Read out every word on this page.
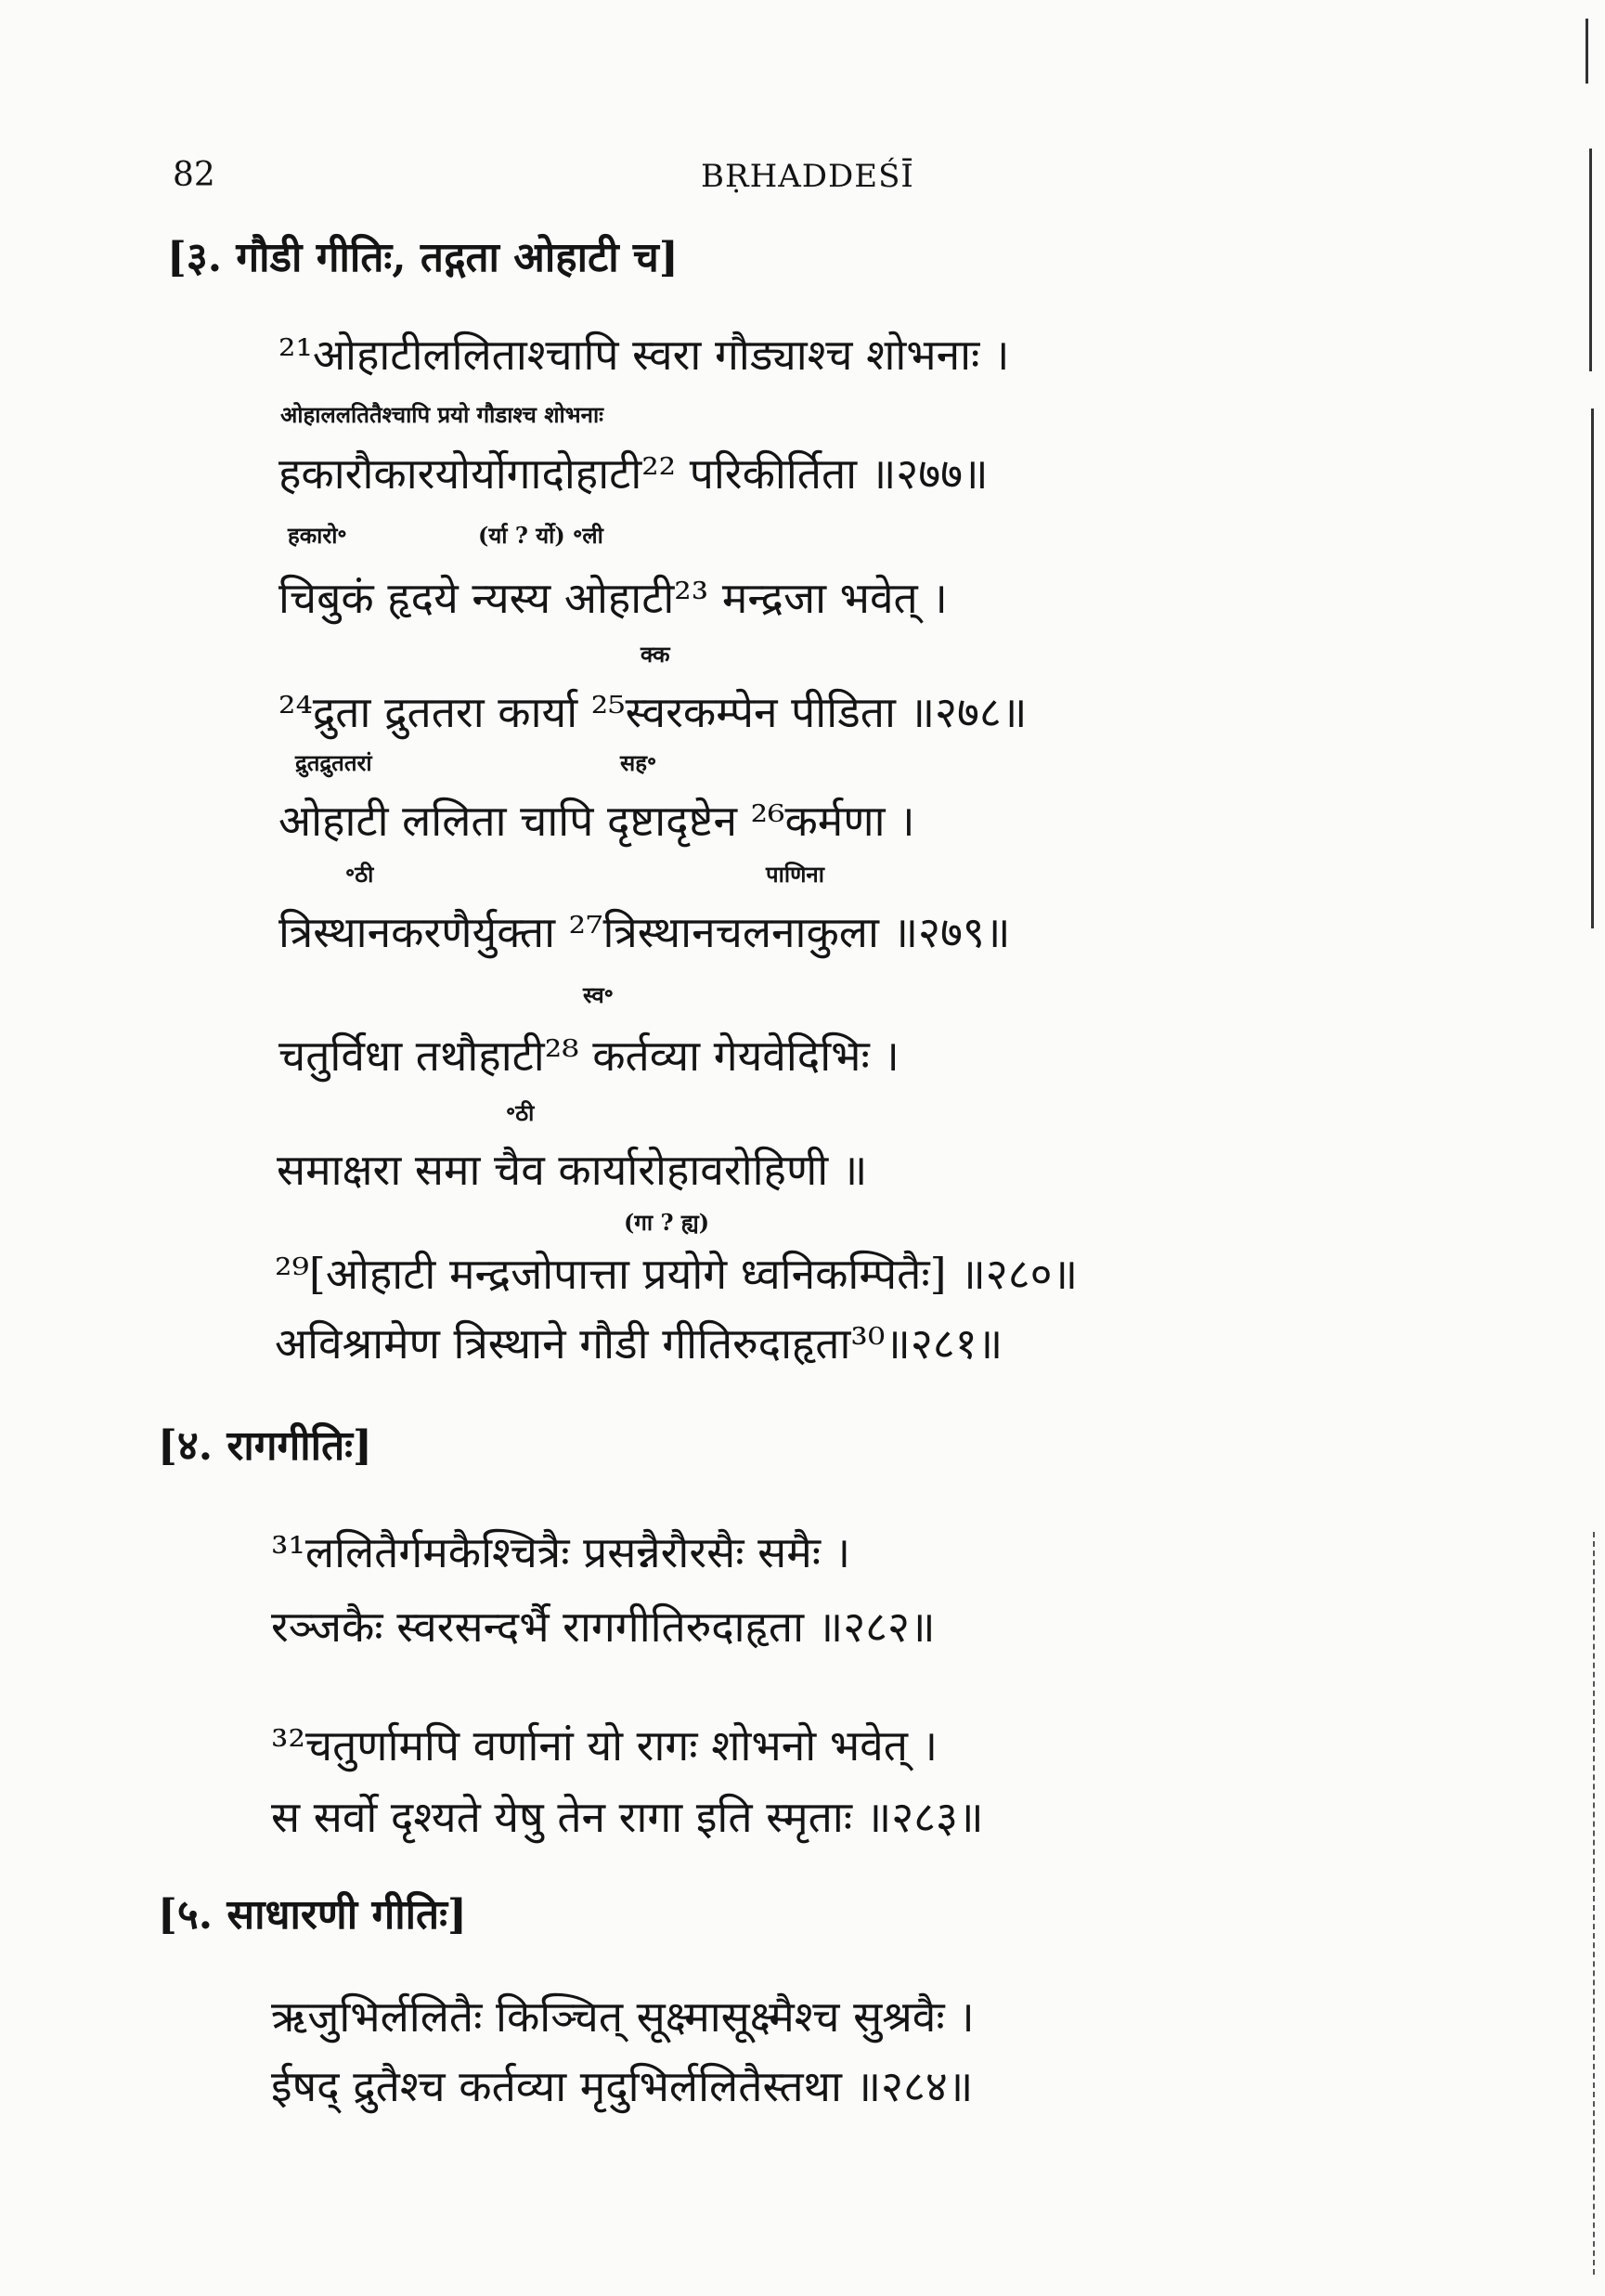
82	BṚHADDEŚĪ
[३. गौडी गीतिः, तद्गता ओहाटी च]
²¹ओहाटीललिताश्चापि स्वरा गौड्याश्च शोभनाः ।
ओहाललतितैश्चापि प्रयो गौडाश्च शोभनाः
हकारौकारयोर्योगादोहाटी²² परिकीर्तिता ॥२७७॥
हकारो॰	(र्या ? र्यो) ॰ली
चिबुकं हृदये न्यस्य ओहाटी²³ मन्द्रजा भवेत् ।
क्क
²⁴द्रुता द्रुततरा कार्या ²⁵स्वरकम्पेन पीडिता ॥२७८॥
द्रुतद्रुततरां	सह॰
ओहाटी ललिता चापि दृष्टादृष्टेन ²⁶कर्मणा ।
॰ठी	पाणिना
त्रिस्थानकरणैर्युक्ता ²⁷त्रिस्थानचलनाकुला ॥२७९॥
स्व॰
चतुर्विधा तथौहाटी²⁸ कर्तव्या गेयवेदिभिः ।
॰ठी
समाक्षरा समा चैव कार्यारोहावरोहिणी ॥
(गा ? ह्य)
²⁹[ओहाटी मन्द्रजोपात्ता प्रयोगे ध्वनिकम्पितैः] ॥२८०॥
अविश्रामेण त्रिस्थाने गौडी गीतिरुदाहृता³⁰॥२८१॥
[४. रागगीतिः]
³¹ललितैर्गमकैश्चित्रैः प्रसन्नैरौरसैः समैः ।
रञ्जकैः स्वरसन्दर्भै रागगीतिरुदाहृता ॥२८२॥
³²चतुर्णामपि वर्णानां यो रागः शोभनो भवेत् ।
स सर्वो दृश्यते येषु तेन रागा इति स्मृताः ॥२८३॥
[५. साधारणी गीतिः]
ऋजुभिर्ललितैः किञ्चित् सूक्ष्मासूक्ष्मैश्च सुश्रवैः ।
ईषद् द्रुतैश्च कर्तव्या मृदुभिर्ललितैस्तथा ॥२८४॥
